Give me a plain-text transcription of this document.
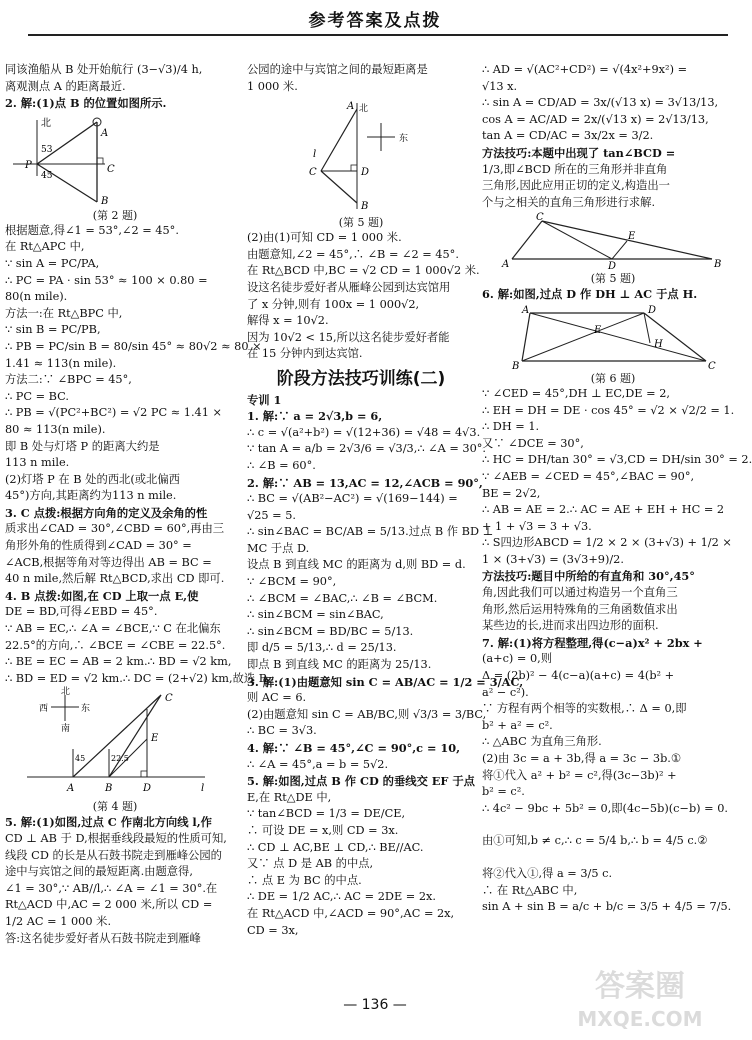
参考答案及点拨
同该渔船从 B 处开始航行 (3−√3)/4 h,
离观测点 A 的距离最近.
2. 解:(1)点 B 的位置如图所示.
北
A
53
P
45
C
B
(第 2 题)
根据题意,得∠1 = 53°,∠2 = 45°.
在 Rt△APC 中,
∵ sin A = PC/PA,
∴ PC = PA · sin 53° ≈ 100 × 0.80 =
80(n mile).
方法一:在 Rt△BPC 中,
∵ sin B = PC/PB,
∴ PB = PC/sin B = 80/sin 45° ≈ 80√2 ≈ 80 ×
1.41 ≈ 113(n mile).
方法二:∵ ∠BPC = 45°,
∴ PC = BC.
∴ PB = √(PC²+BC²) = √2 PC ≈ 1.41 ×
80 ≈ 113(n mile).
即 B 处与灯塔 P 的距离大约是
113 n mile.
(2)灯塔 P 在 B 处的西北(或北偏西
45°)方向,其距离约为113 n mile.
3. C 点拨:根据方向角的定义及余角的性
质求出∠CAD = 30°,∠CBD = 60°,再由三
角形外角的性质得到∠CAD = 30° =
∠ACB,根据等角对等边得出 AB = BC =
40 n mile,然后解 Rt△BCD,求出 CD 即可.
4. B 点拨:如图,在 CD 上取一点 E,使
DE = BD,可得∠EBD = 45°.
∵ AB = EC,∴ ∠A = ∠BCE,∵ C 在北偏东
22.5°的方向,∴ ∠BCE = ∠CBE = 22.5°.
∴ BE = EC = AB = 2 km.∴ BD = √2 km,
∴ BD = ED = √2 km.∴ DC = (2+√2) km,故选 B.
北
西	东
南
C
45	22.5
E
A	B	D	l
(第 4 题)
5. 解:(1)如图,过点 C 作南北方向线 l,作
CD ⊥ AB 于 D,根据垂线段最短的性质可知,
线段 CD 的长是从石鼓书院走到雁峰公园的
途中与宾馆之间的最短距离.由题意得,
∠1 = 30°,∵ AB//l,∴ ∠A = ∠1 = 30°.在
Rt△ACD 中,AC = 2 000 米,所以 CD =
1/2 AC = 1 000 米.
答:这名徒步爱好者从石鼓书院走到雁峰
公园的途中与宾馆之间的最短距离是
1 000 米.
北
东
A
C	D
B
l
(第 5 题)
(2)由(1)可知 CD = 1 000 米.
由题意知,∠2 = 45°,∴ ∠B = ∠2 = 45°.
在 Rt△BCD 中,BC = √2 CD = 1 000√2 米.
设这名徒步爱好者从雁峰公园到达宾馆用
了 x 分钟,则有 100x = 1 000√2,
解得 x = 10√2.
因为 10√2 < 15,所以这名徒步爱好者能
在 15 分钟内到达宾馆.
阶段方法技巧训练(二)
专训 1
1. 解:∵ a = 2√3,b = 6,
∴ c = √(a²+b²) = √(12+36) = √48 = 4√3.
∵ tan A = a/b = 2√3/6 = √3/3,∴ ∠A = 30°.
∴ ∠B = 60°.
2. 解:∵ AB = 13,AC = 12,∠ACB = 90°,
∴ BC = √(AB²−AC²) = √(169−144) =
√25 = 5.
∴ sin∠BAC = BC/AB = 5/13.过点 B 作 BD ⊥
MC 于点 D.
设点 B 到直线 MC 的距离为 d,则 BD = d.
∵ ∠BCM = 90°,
∴ ∠BCM = ∠BAC,∴ ∠B = ∠BCM.
∴ sin∠BCM = sin∠BAC,
∴ sin∠BCM = BD/BC = 5/13.
即 d/5 = 5/13,∴ d = 25/13.
即点 B 到直线 MC 的距离为 25/13.
3. 解:(1)由题意知 sin C = AB/AC = 1/2 = 3/AC,
则 AC = 6.
(2)由题意知 sin C = AB/BC,则 √3/3 = 3/BC,
∴ BC = 3√3.
4. 解:∵ ∠B = 45°,∠C = 90°,c = 10,
∴ ∠A = 45°,a = b = 5√2.
5. 解:如图,过点 B 作 CD 的垂线交 EF 于点
E,在 Rt△DE 中,
∵ tan∠BCD = 1/3 = DE/CE,
∴ 可设 DE = x,则 CD = 3x.
∴ CD ⊥ AC,BE ⊥ CD,∴ BE//AC.
又∵ 点 D 是 AB 的中点,
∴ 点 E 为 BC 的中点.
∴ DE = 1/2 AC,∴ AC = 2DE = 2x.
在 Rt△ACD 中,∠ACD = 90°,AC = 2x,
CD = 3x,
∴ AD = √(AC²+CD²) = √(4x²+9x²) =
√13 x.
∴ sin A = CD/AD = 3x/(√13 x) = 3√13/13,
cos A = AC/AD = 2x/(√13 x) = 2√13/13,
tan A = CD/AC = 3x/2x = 3/2.
方法技巧:本题中出现了 tan∠BCD =
1/3,即∠BCD 所在的三角形并非直角
三角形,因此应用正切的定义,构造出一
个与之相关的直角三角形进行求解.
C
E
D
A	B
(第 5 题)
6. 解:如图,过点 D 作 DH ⊥ AC 于点 H.
A	D
E
H
B	C
(第 6 题)
∵ ∠CED = 45°,DH ⊥ EC,DE = 2,
∴ EH = DH = DE · cos 45° = √2 × √2/2 = 1.
∴ DH = 1.
又∵ ∠DCE = 30°,
∴ HC = DH/tan 30° = √3,CD = DH/sin 30° = 2.
∵ ∠AEB = ∠CED = 45°,∠BAC = 90°,
BE = 2√2,
∴ AB = AE = 2.∴ AC = AE + EH + HC = 2
+ 1 + √3 = 3 + √3.
∴ S四边形ABCD = 1/2 × 2 × (3+√3) + 1/2 ×
1 × (3+√3) = (3√3+9)/2.
方法技巧:题目中所给的有直角和 30°,45°
角,因此我们可以通过构造另一个直角三
角形,然后运用特殊角的三角函数值求出
某些边的长,进而求出四边形的面积.
7. 解:(1)将方程整理,得(c−a)x² + 2bx +
(a+c) = 0,则
Δ = (2b)² − 4(c−a)(a+c) = 4(b² +
a² − c²).
∵ 方程有两个相等的实数根,∴ Δ = 0,即
b² + a² = c².
∴ △ABC 为直角三角形.
(2)由 3c = a + 3b,得 a = 3c − 3b.①
将①代入 a² + b² = c²,得(3c−3b)² +
b² = c².
∴ 4c² − 9bc + 5b² = 0,即(4c−5b)(c−b) = 0.
由①可知,b ≠ c,∴ c = 5/4 b,∴ b = 4/5 c.②
将②代入①,得 a = 3/5 c.
∴ 在 Rt△ABC 中,
sin A + sin B = a/c + b/c = 3/5 + 4/5 = 7/5.
— 136 —
答案圈
MXQE.COM
